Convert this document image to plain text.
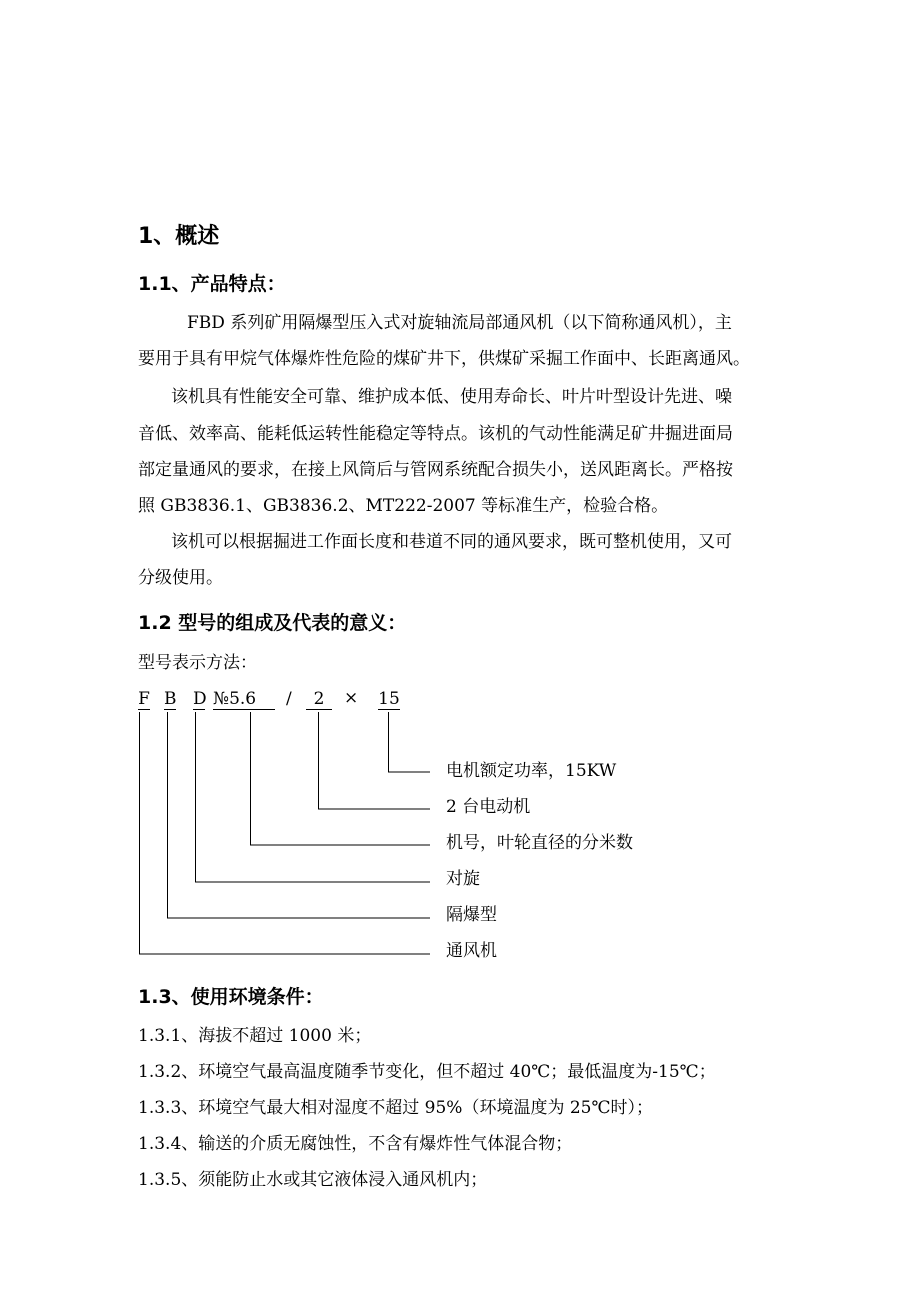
1、概述
1.1、产品特点：
FBD 系列矿用隔爆型压入式对旋轴流局部通风机（以下简称通风机），主
要用于具有甲烷气体爆炸性危险的煤矿井下，供煤矿采掘工作面中、长距离通风。
该机具有性能安全可靠、维护成本低、使用寿命长、叶片叶型设计先进、噪
音低、效率高、能耗低运转性能稳定等特点。该机的气动性能满足矿井掘进面局
部定量通风的要求，在接上风筒后与管网系统配合损失小，送风距离长。严格按
照 GB3836.1、GB3836.2、MT222-2007 等标准生产，检验合格。
该机可以根据掘进工作面长度和巷道不同的通风要求，既可整机使用，又可
分级使用。
1.2 型号的组成及代表的意义：
型号表示方法：
F B D №5.6	/	2	× 15
电机额定功率，15KW
2 台电动机
机号，叶轮直径的分米数
对旋
隔爆型
通风机
1.3、使用环境条件：
1.3.1、海拔不超过 1000 米；
1.3.2、环境空气最高温度随季节变化，但不超过 40℃；最低温度为-15℃；
1.3.3、环境空气最大相对湿度不超过 95%（环境温度为 25℃时）；
1.3.4、输送的介质无腐蚀性，不含有爆炸性气体混合物；
1.3.5、须能防止水或其它液体浸入通风机内；
